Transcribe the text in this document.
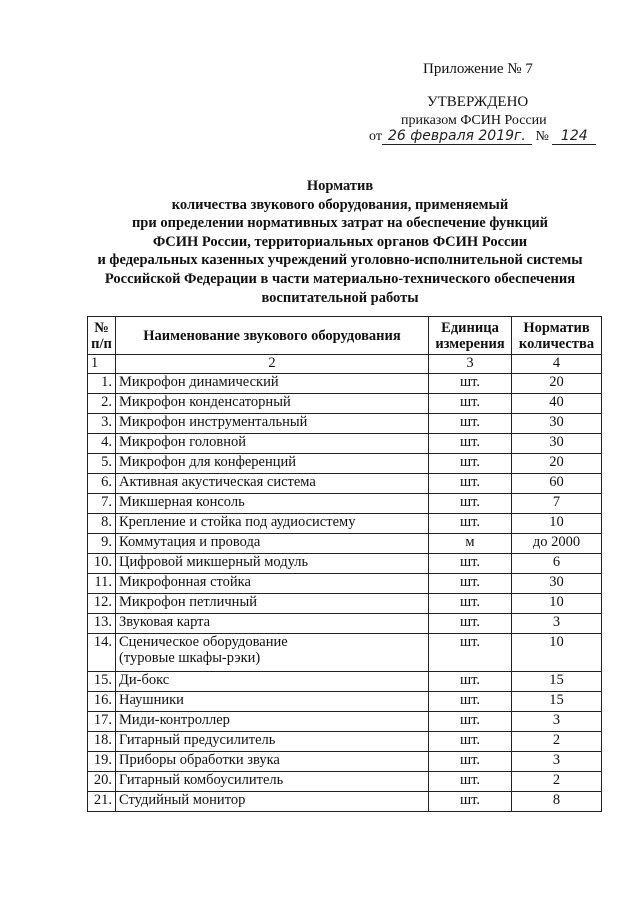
Приложение № 7
УТВЕРЖДЕНО
приказом ФСИН России
от 26 февраля 2019г. № 124
Норматив
количества звукового оборудования, применяемый
при определении нормативных затрат на обеспечение функций
ФСИН России, территориальных органов ФСИН России
и федеральных казенных учреждений уголовно-исполнительной системы
Российской Федерации в части материально-технического обеспечения
воспитательной работы
№ п/п	Наименование звукового оборудования	Единица измерения	Норматив количества
1	2	3	4
1.	Микрофон динамический	шт.	20
2.	Микрофон конденсаторный	шт.	40
3.	Микрофон инструментальный	шт.	30
4.	Микрофон головной	шт.	30
5.	Микрофон для конференций	шт.	20
6.	Активная акустическая система	шт.	60
7.	Микшерная консоль	шт.	7
8.	Крепление и стойка под аудиосистему	шт.	10
9.	Коммутация и провода	м	до 2000
10.	Цифровой микшерный модуль	шт.	6
11.	Микрофонная стойка	шт.	30
12.	Микрофон петличный	шт.	10
13.	Звуковая карта	шт.	3
14.	Сценическое оборудование
(туровые шкафы-рэки)	шт.	10
15.	Ди-бокс	шт.	15
16.	Наушники	шт.	15
17.	Миди-контроллер	шт.	3
18.	Гитарный предусилитель	шт.	2
19.	Приборы обработки звука	шт.	3
20.	Гитарный комбоусилитель	шт.	2
21.	Студийный монитор	шт.	8
